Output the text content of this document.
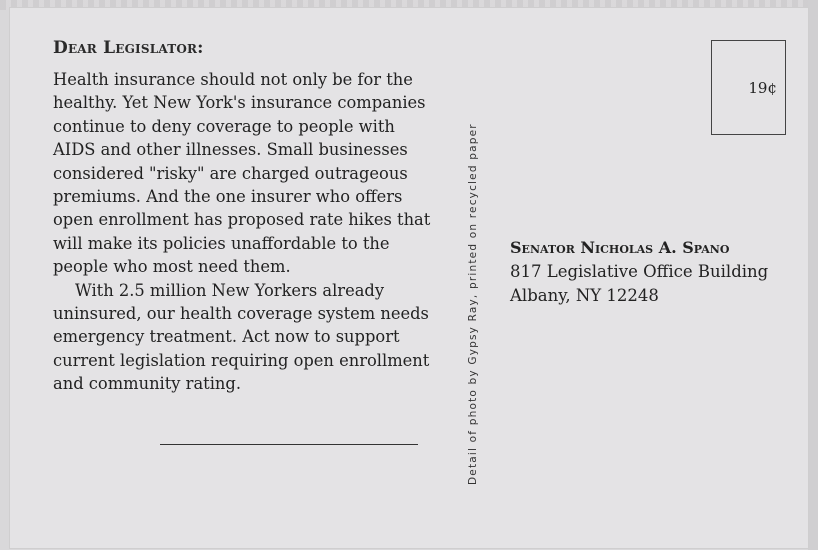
Dear Legislator:

Health insurance should not only be for the healthy. Yet New York's insurance companies continue to deny coverage to people with AIDS and other illnesses. Small businesses considered "risky" are charged outrageous premiums. And the one insurer who offers open enrollment has proposed rate hikes that will make its policies unaffordable to the people who most need them.

With 2.5 million New Yorkers already uninsured, our health coverage system needs emergency treatment. Act now to support current legislation requiring open enrollment and community rating.	Detail of photo by Gypsy Ray, printed on recycled paper
19¢
Senator Nicholas A. Spano
817 Legislative Office Building
Albany, NY 12248
